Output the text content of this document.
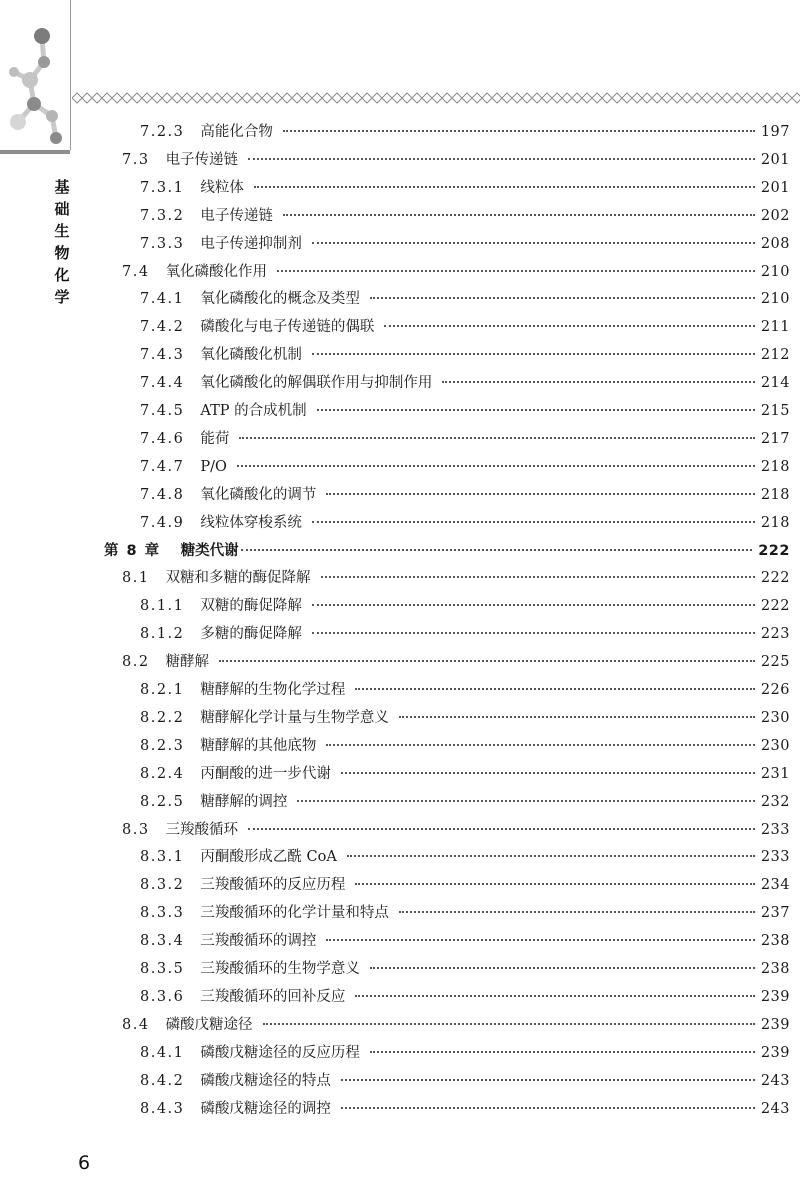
基
础
生
物
化
学
7.2.3 高能化合物	197
7.3 电子传递链	201
7.3.1 线粒体	201
7.3.2 电子传递链	202
7.3.3 电子传递抑制剂	208
7.4 氧化磷酸化作用	210
7.4.1 氧化磷酸化的概念及类型	210
7.4.2 磷酸化与电子传递链的偶联	211
7.4.3 氧化磷酸化机制	212
7.4.4 氧化磷酸化的解偶联作用与抑制作用	214
7.4.5 ATP 的合成机制	215
7.4.6 能荷	217
7.4.7 P/O	218
7.4.8 氧化磷酸化的调节	218
7.4.9 线粒体穿梭系统	218
第 8 章 糖类代谢	222
8.1 双糖和多糖的酶促降解	222
8.1.1 双糖的酶促降解	222
8.1.2 多糖的酶促降解	223
8.2 糖酵解	225
8.2.1 糖酵解的生物化学过程	226
8.2.2 糖酵解化学计量与生物学意义	230
8.2.3 糖酵解的其他底物	230
8.2.4 丙酮酸的进一步代谢	231
8.2.5 糖酵解的调控	232
8.3 三羧酸循环	233
8.3.1 丙酮酸形成乙酰 CoA	233
8.3.2 三羧酸循环的反应历程	234
8.3.3 三羧酸循环的化学计量和特点	237
8.3.4 三羧酸循环的调控	238
8.3.5 三羧酸循环的生物学意义	238
8.3.6 三羧酸循环的回补反应	239
8.4 磷酸戊糖途径	239
8.4.1 磷酸戊糖途径的反应历程	239
8.4.2 磷酸戊糖途径的特点	243
8.4.3 磷酸戊糖途径的调控	243
6
